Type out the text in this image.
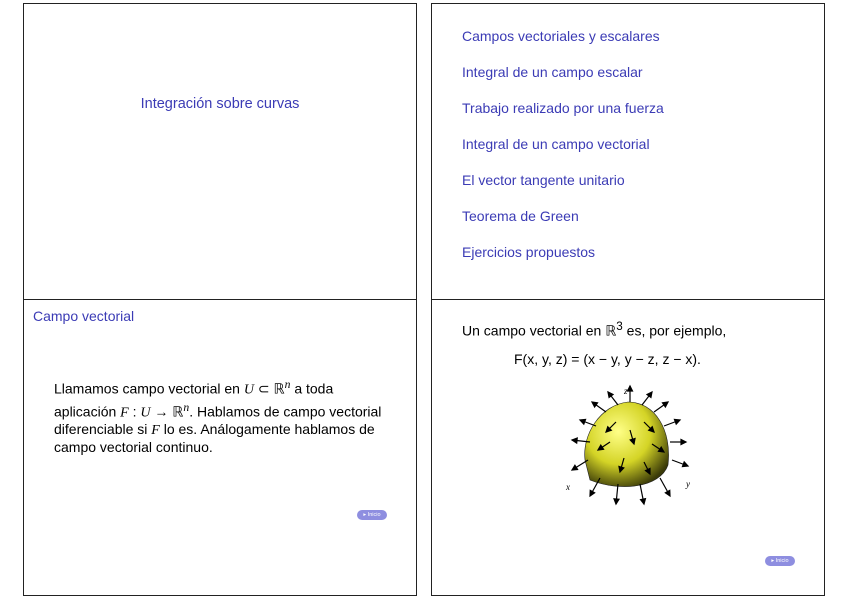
Integración sobre curvas
Campos vectoriales y escalares
Integral de un campo escalar
Trabajo realizado por una fuerza
Integral de un campo vectorial
El vector tangente unitario
Teorema de Green
Ejercicios propuestos
Campo vectorial
Llamamos campo vectorial en U ⊂ ℝ$^n$ a toda aplicación F : U → ℝ$^n$. Hablamos de campo vectorial diferenciable si F lo es. Análogamente hablamos de campo vectorial continuo.
▸ Inicio
Un campo vectorial en ℝ$^3$ es, por ejemplo,
F(x, y, z) = (x − y, y − z, z − x).
z
x	y
▸ Inicio
